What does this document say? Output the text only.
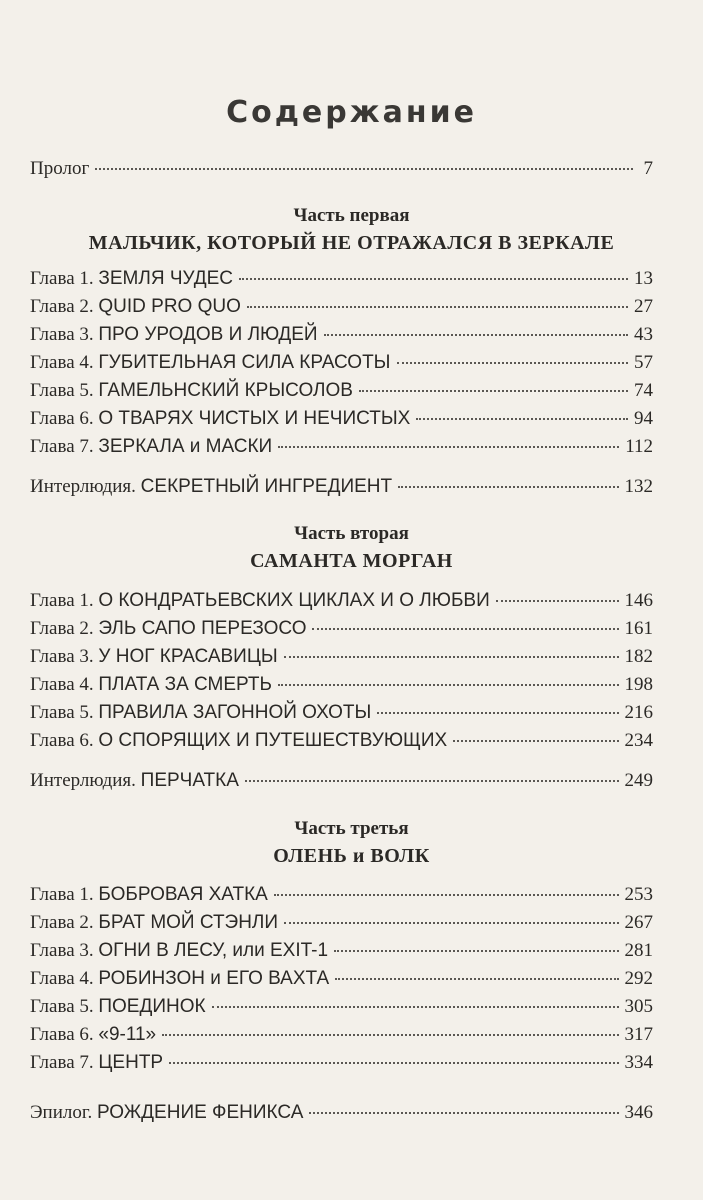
Содержание
Пролог	7
Часть первая
МАЛЬЧИК, КОТОРЫЙ НЕ ОТРАЖАЛСЯ В ЗЕРКАЛЕ
Глава 1. ЗЕМЛЯ ЧУДЕС	13
Глава 2. QUID PRO QUO	27
Глава 3. ПРО УРОДОВ И ЛЮДЕЙ	43
Глава 4. ГУБИТЕЛЬНАЯ СИЛА КРАСОТЫ	57
Глава 5. ГАМЕЛЬНСКИЙ КРЫСОЛОВ	74
Глава 6. О ТВАРЯХ ЧИСТЫХ И НЕЧИСТЫХ	94
Глава 7. ЗЕРКАЛА и МАСКИ	112
Интерлюдия. СЕКРЕТНЫЙ ИНГРЕДИЕНТ	132
Часть вторая
САМАНТА МОРГАН
Глава 1. О КОНДРАТЬЕВСКИХ ЦИКЛАХ И О ЛЮБВИ	146
Глава 2. ЭЛЬ САПО ПЕРЕЗОСО	161
Глава 3. У НОГ КРАСАВИЦЫ	182
Глава 4. ПЛАТА ЗА СМЕРТЬ	198
Глава 5. ПРАВИЛА ЗАГОННОЙ ОХОТЫ	216
Глава 6. О СПОРЯЩИХ И ПУТЕШЕСТВУЮЩИХ	234
Интерлюдия. ПЕРЧАТКА	249
Часть третья
ОЛЕНЬ и ВОЛК
Глава 1. БОБРОВАЯ ХАТКА	253
Глава 2. БРАТ МОЙ СТЭНЛИ	267
Глава 3. ОГНИ В ЛЕСУ, или EXIT-1	281
Глава 4. РОБИНЗОН и ЕГО ВАХТА	292
Глава 5. ПОЕДИНОК	305
Глава 6. «9-11»	317
Глава 7. ЦЕНТР	334
Эпилог. РОЖДЕНИЕ ФЕНИКСА	346
